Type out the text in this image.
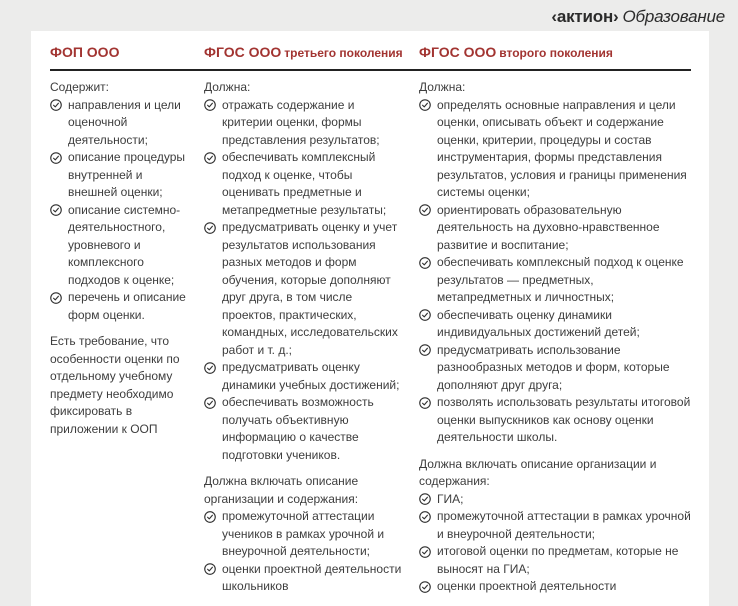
‹актион› Образование
ФОП ООО	ФГОС ООО третьего поколения ФГОС ООО второго поколения
Содержит:
направления и цели оценочной деятельности;
описание процедуры внутренней и внешней оценки;
описание системно-деятельностного, уровневого и комплексного подходов к оценке;
перечень и описание форм оценки.
Есть требование, что особенности оценки по отдельному учебному предмету необходимо фиксировать в приложении к ООП
Должна:
отражать содержание и критерии оценки, формы представления результатов;
обеспечивать комплексный подход к оценке, чтобы оценивать предметные и метапредметные результаты;
предусматривать оценку и учет результатов использования разных методов и форм обучения, которые дополняют друг друга, в том числе проектов, практических, командных, исследовательских работ и т. д.;
предусматривать оценку динамики учебных достижений;
обеспечивать возможность получать объективную информацию о качестве подготовки учеников.
Должна включать описание организации и содержания:
промежуточной аттестации учеников в рамках урочной и внеурочной деятельности;
оценки проектной деятельности школьников
Должна:
определять основные направления и цели оценки, описывать объект и содержание оценки, критерии, процедуры и состав инструментария, формы представления результатов, условия и границы применения системы оценки;
ориентировать образовательную деятельность на духовно-нравственное развитие и воспитание;
обеспечивать комплексный подход к оценке результатов — предметных, метапредметных и личностных;
обеспечивать оценку динамики индивидуальных достижений детей;
предусматривать использование разнообразных методов и форм, которые дополняют друг друга;
позволять использовать результаты итоговой оценки выпускников как основу оценки деятельности школы.
Должна включать описание организации и содержания:
ГИА;
промежуточной аттестации в рамках урочной и внеурочной деятельности;
итоговой оценки по предметам, которые не выносят на ГИА;
оценки проектной деятельности
